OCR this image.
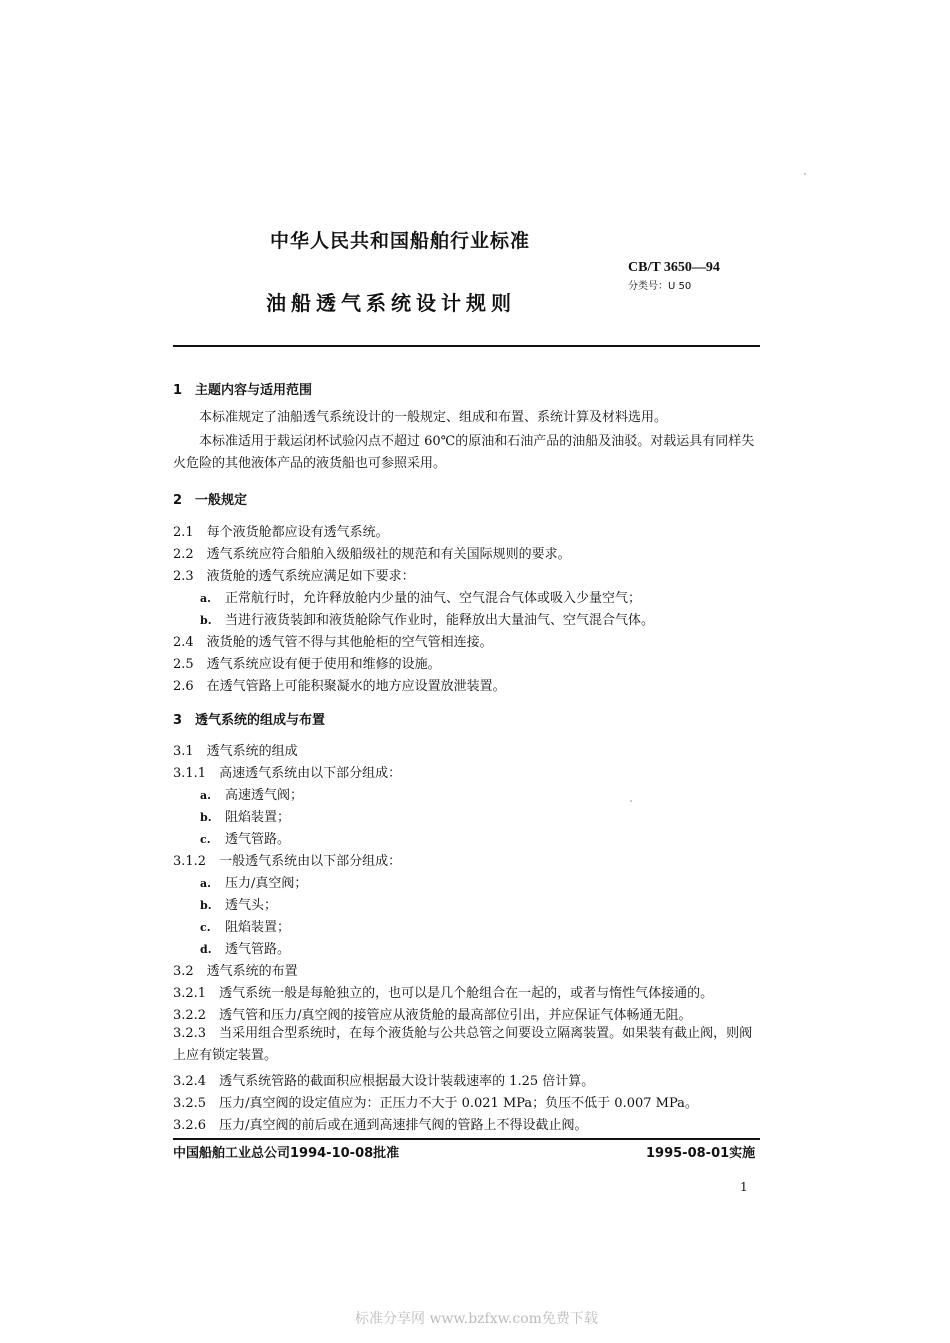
中华人民共和国船舶行业标准
CB/T 3650—94
分类号：U 50
油船透气系统设计规则
1　主题内容与适用范围
本标准规定了油船透气系统设计的一般规定、组成和布置、系统计算及材料选用。
本标准适用于载运闭杯试验闪点不超过 60℃的原油和石油产品的油船及油驳。对载运具有同样失火危险的其他液体产品的液货船也可参照采用。
2　一般规定
2.1　每个液货舱都应设有透气系统。
2.2　透气系统应符合船舶入级船级社的规范和有关国际规则的要求。
2.3　液货舱的透气系统应满足如下要求：
a. 正常航行时，允许释放舱内少量的油气、空气混合气体或吸入少量空气；
b. 当进行液货装卸和液货舱除气作业时，能释放出大量油气、空气混合气体。
2.4　液货舱的透气管不得与其他舱柜的空气管相连接。
2.5　透气系统应设有便于使用和维修的设施。
2.6　在透气管路上可能积聚凝水的地方应设置放泄装置。
3　透气系统的组成与布置
3.1　透气系统的组成
3.1.1　高速透气系统由以下部分组成：
a. 高速透气阀；
b. 阻焰装置；
c. 透气管路。
3.1.2　一般透气系统由以下部分组成：
a. 压力/真空阀；
b. 透气头；
c. 阻焰装置；
d. 透气管路。
3.2　透气系统的布置
3.2.1　透气系统一般是每舱独立的，也可以是几个舱组合在一起的，或者与惰性气体接通的。
3.2.2　透气管和压力/真空阀的接管应从液货舱的最高部位引出，并应保证气体畅通无阻。
3.2.3　当采用组合型系统时，在每个液货舱与公共总管之间要设立隔离装置。如果装有截止阀，则阀上应有锁定装置。
3.2.4　透气系统管路的截面积应根据最大设计装载速率的 1.25 倍计算。
3.2.5　压力/真空阀的设定值应为：正压力不大于 0.021 MPa；负压不低于 0.007 MPa。
3.2.6　压力/真空阀的前后或在通到高速排气阀的管路上不得设截止阀。
中国船舶工业总公司1994-10-08批准	1995-08-01实施
1
标准分享网 www.bzfxw.com免费下载
